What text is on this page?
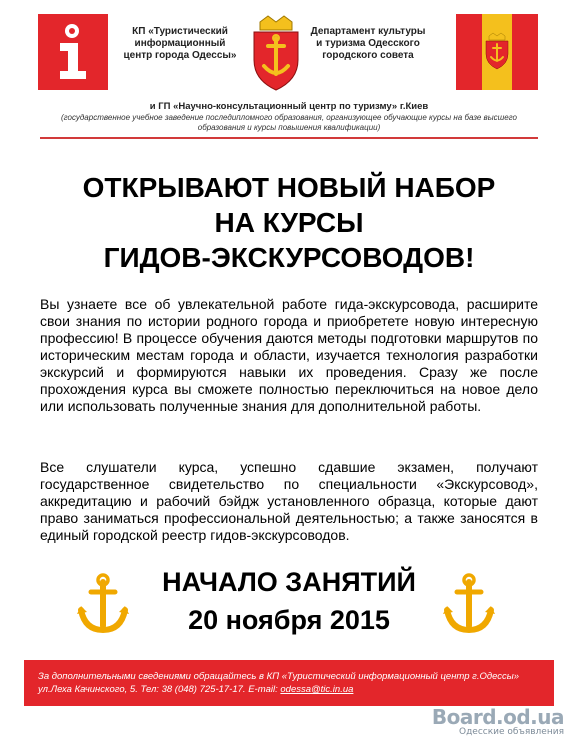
КП «Туристический информационный центр города Одессы»
Департамент культуры и туризма Одесского городского совета
и ГП «Научно-консультационный центр по туризму» г.Киев
(государственное учебное заведение последипломного образования, организующее обучающие курсы на базе высшего образования и курсы повышения квалификации)
ОТКРЫВАЮТ НОВЫЙ НАБОР
НА КУРСЫ
ГИДОВ-ЭКСКУРСОВОДОВ!
Вы узнаете все об увлекательной работе гида-экскурсовода, расширите свои знания по истории родного города и приобретете новую интересную профессию! В процессе обучения даются методы подготовки маршрутов по историческим местам города и области, изучается технология разработки экскурсий и формируются навыки их проведения. Сразу же после прохождения курса вы сможете полностью переключиться на новое дело или использовать полученные знания для дополнительной работы.
Все слушатели курса, успешно сдавшие экзамен, получают государственное свидетельство по специальности «Экскурсовод», аккредитацию и рабочий бэйдж установленного образца, которые дают право заниматься профессиональной деятельностью; а также заносятся в единый городской реестр гидов-экскурсоводов.
НАЧАЛО ЗАНЯТИЙ
20 ноября 2015
За дополнительными сведениями обращайтесь в КП «Туристический информационный центр г.Одессы» ул.Леха Качинского, 5. Тел: 38 (048) 725-17-17. E-mail: odessa@tic.in.ua
Board.od.ua
Одесские объявления
